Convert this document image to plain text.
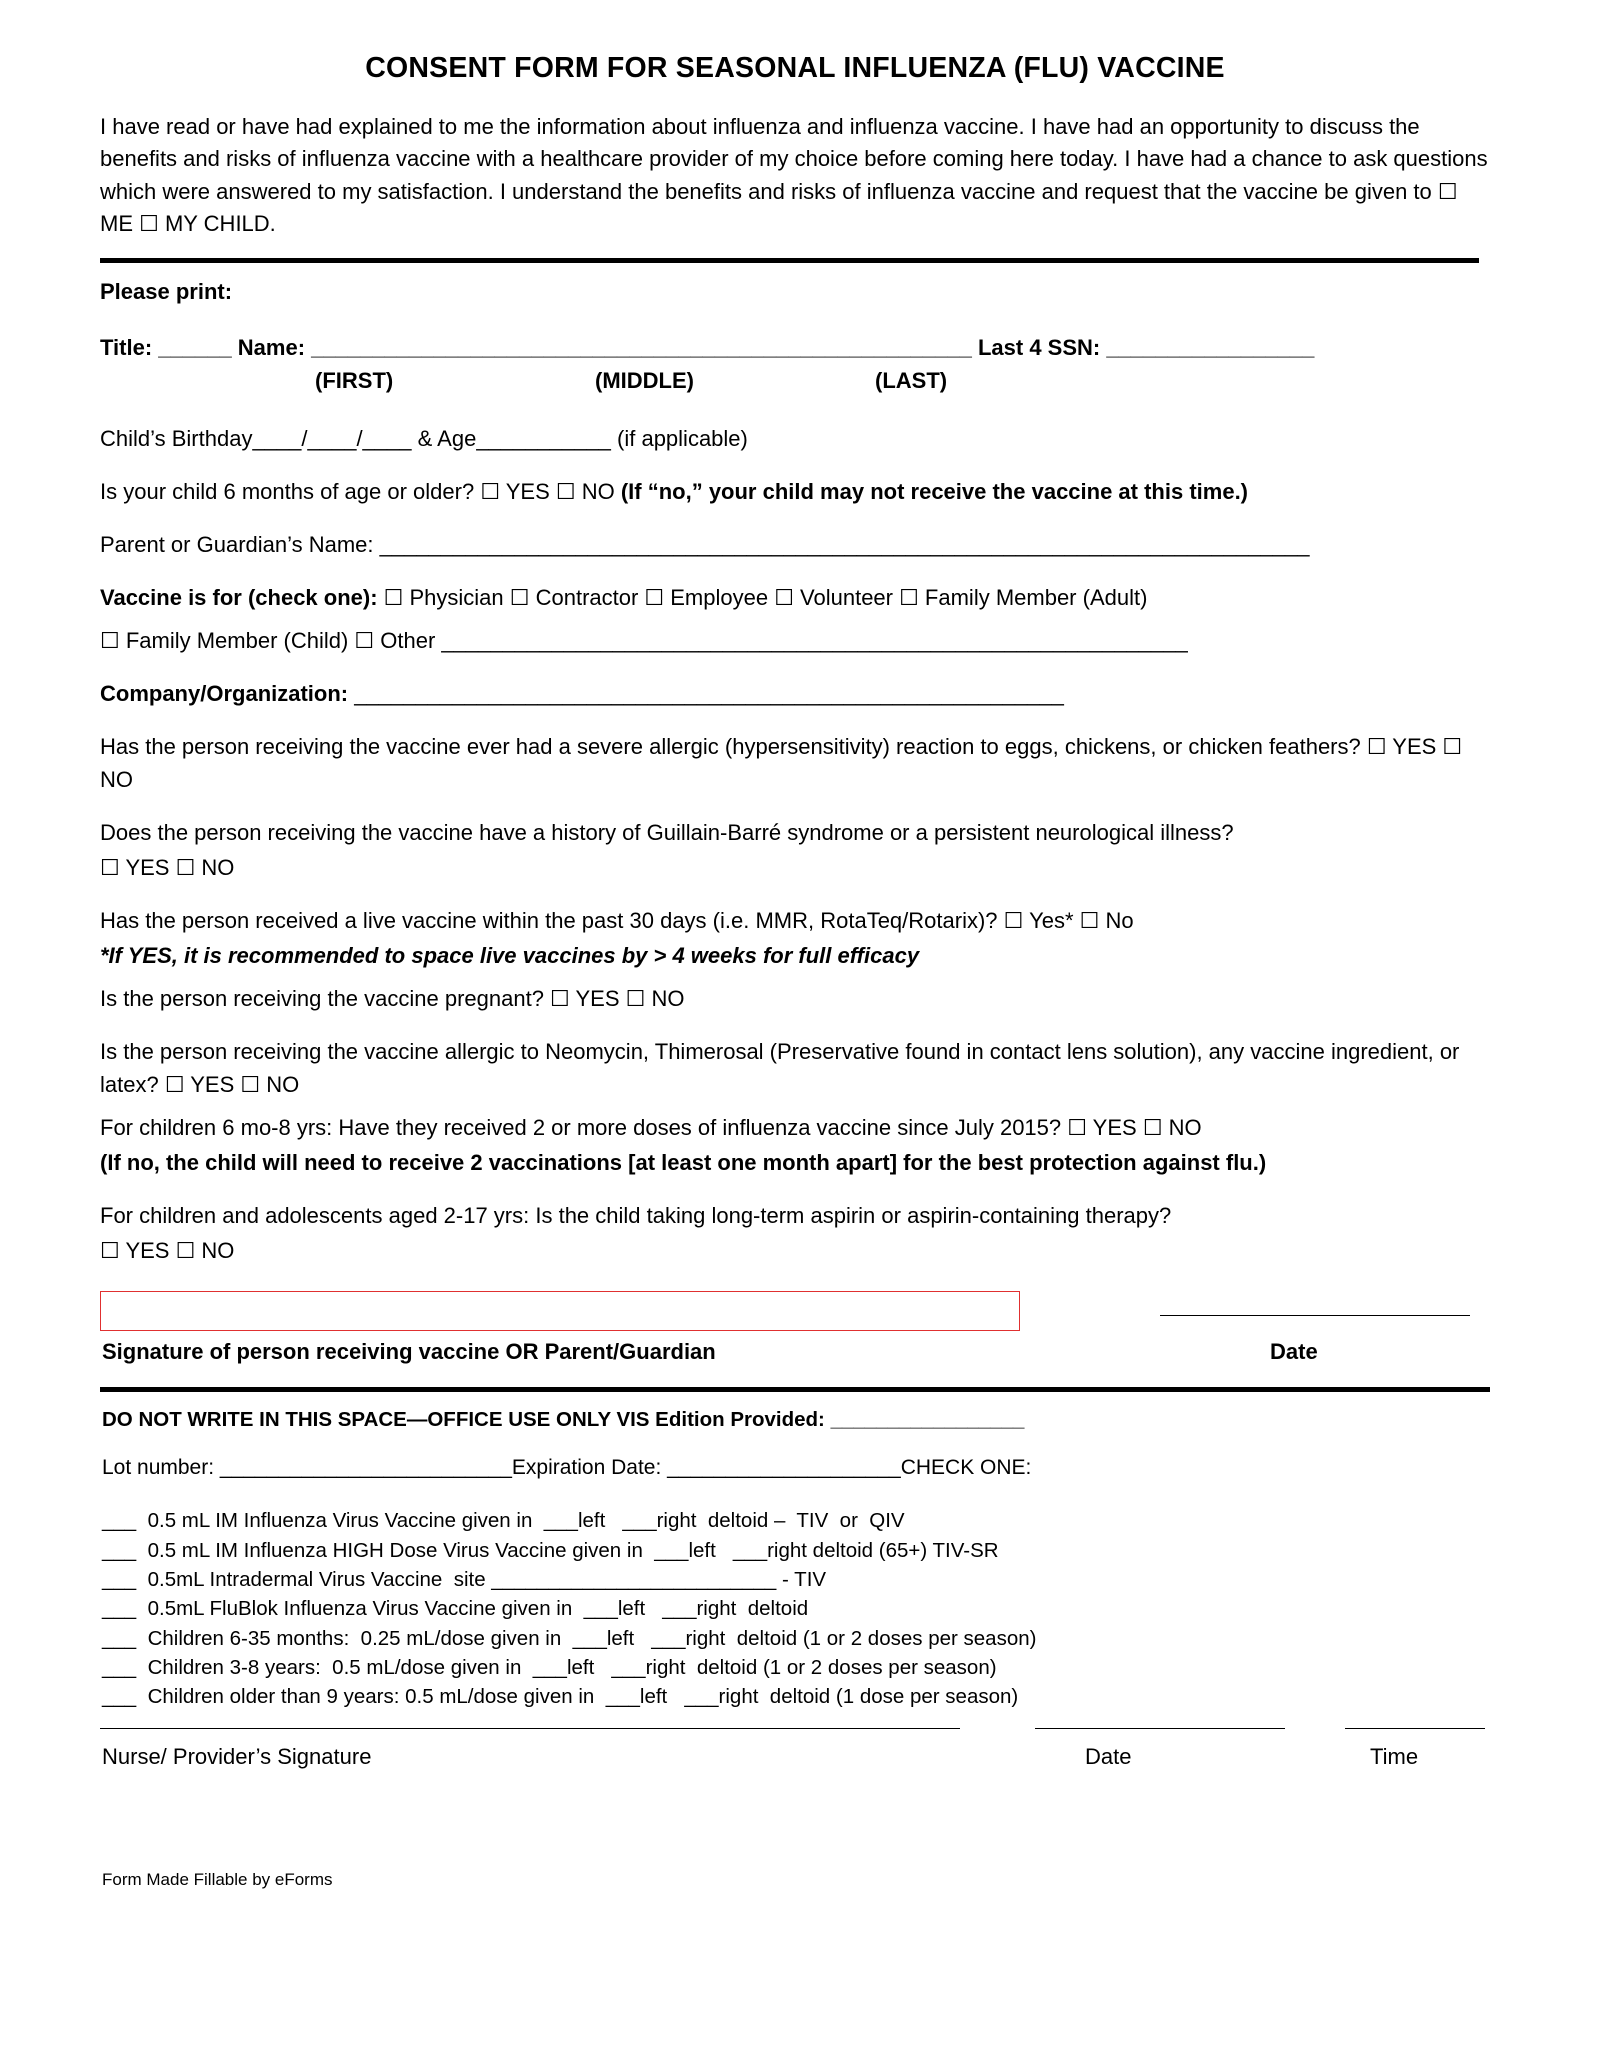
CONSENT FORM FOR SEASONAL INFLUENZA (FLU) VACCINE

I have read or have had explained to me the information about influenza and influenza vaccine. I have had an opportunity to discuss the benefits and risks of influenza vaccine with a healthcare provider of my choice before coming here today. I have had a chance to ask questions which were answered to my satisfaction. I understand the benefits and risks of influenza vaccine and request that the vaccine be given to ☐ ME ☐ MY CHILD.

Please print:
Title: ______ Name: ______________________________________________________ Last 4 SSN: _________________
(FIRST)	(MIDDLE)	(LAST)
Child’s Birthday____/____/____ & Age___________ (if applicable)
Is your child 6 months of age or older? ☐ YES ☐ NO (If “no,” your child may not receive the vaccine at this time.)
Parent or Guardian’s Name: ____________________________________________________________________________
Vaccine is for (check one): ☐ Physician ☐ Contractor ☐ Employee ☐ Volunteer ☐ Family Member (Adult)
☐ Family Member (Child) ☐ Other _____________________________________________________________
Company/Organization: __________________________________________________________
Has the person receiving the vaccine ever had a severe allergic (hypersensitivity) reaction to eggs, chickens, or chicken feathers? ☐ YES ☐ NO
Does the person receiving the vaccine have a history of Guillain-Barré syndrome or a persistent neurological illness?
☐ YES ☐ NO
Has the person received a live vaccine within the past 30 days (i.e. MMR, RotaTeq/Rotarix)? ☐ Yes* ☐ No
*If YES, it is recommended to space live vaccines by > 4 weeks for full efficacy
Is the person receiving the vaccine pregnant? ☐ YES ☐ NO
Is the person receiving the vaccine allergic to Neomycin, Thimerosal (Preservative found in contact lens solution), any vaccine ingredient, or latex? ☐ YES ☐ NO
For children 6 mo-8 yrs: Have they received 2 or more doses of influenza vaccine since July 2015? ☐ YES ☐ NO
(If no, the child will need to receive 2 vaccinations [at least one month apart] for the best protection against flu.)
For children and adolescents aged 2-17 yrs: Is the child taking long-term aspirin or aspirin-containing therapy?
☐ YES ☐ NO
Signature of person receiving vaccine OR Parent/Guardian	Date
DO NOT WRITE IN THIS SPACE—OFFICE USE ONLY VIS Edition Provided: _________________
Lot number: _________________________Expiration Date: ____________________CHECK ONE:
___  0.5 mL IM Influenza Virus Vaccine given in  ___left   ___right  deltoid –  TIV  or  QIV
___  0.5 mL IM Influenza HIGH Dose Virus Vaccine given in  ___left   ___right deltoid (65+) TIV-SR
___  0.5mL Intradermal Virus Vaccine  site _________________________ - TIV
___  0.5mL FluBlok Influenza Virus Vaccine given in  ___left   ___right  deltoid
___  Children 6-35 months:  0.25 mL/dose given in  ___left   ___right  deltoid (1 or 2 doses per season)
___  Children 3-8 years:  0.5 mL/dose given in  ___left   ___right  deltoid (1 or 2 doses per season)
___  Children older than 9 years: 0.5 mL/dose given in  ___left   ___right  deltoid (1 dose per season)
Nurse/ Provider’s Signature	Date	Time
Form Made Fillable by eForms
